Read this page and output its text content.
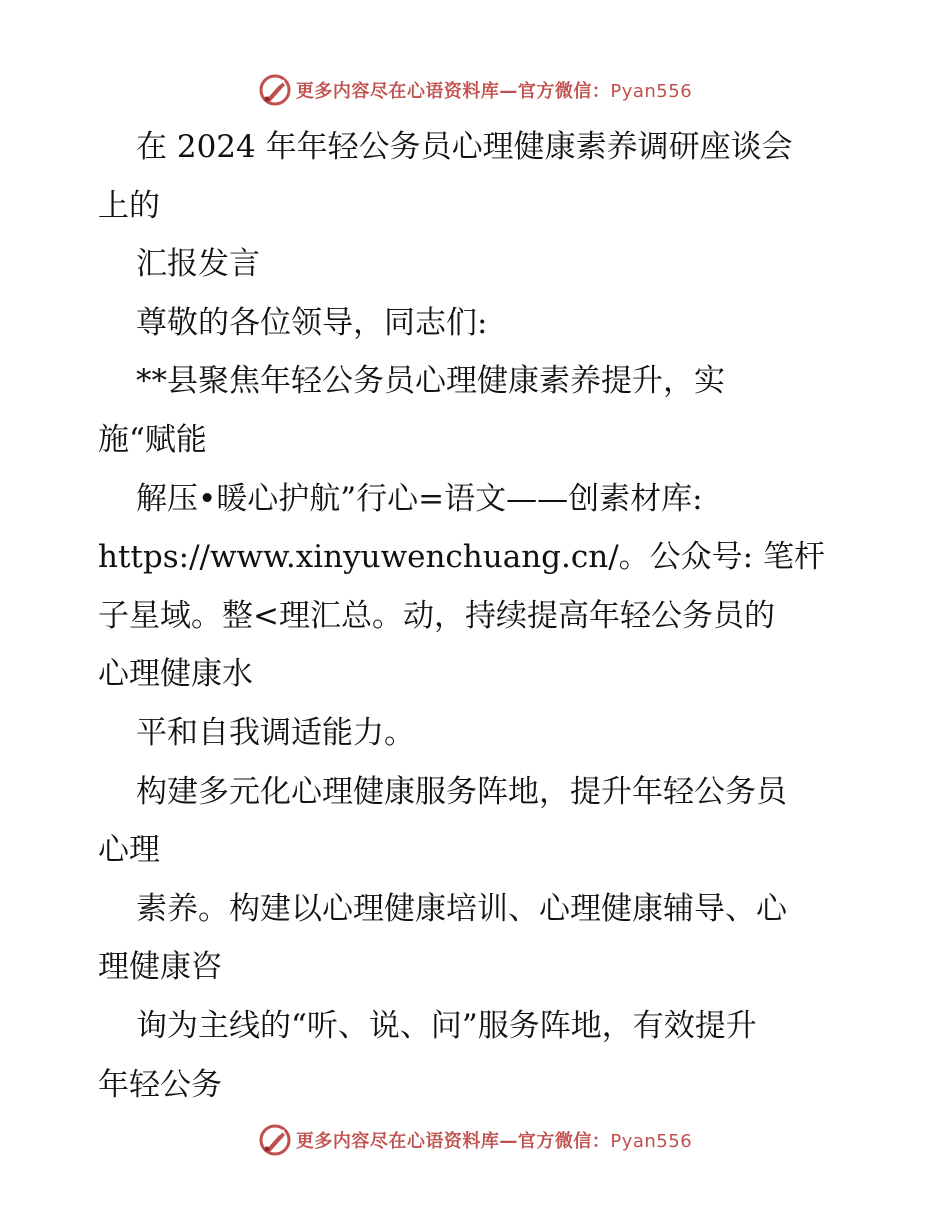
更多内容尽在心语资料库—官方微信：Pyan556
在 2024 年年轻公务员心理健康素养调研座谈会
上的
汇报发言
尊敬的各位领导，同志们:
**县聚焦年轻公务员心理健康素养提升，实
施“赋能
解压•暖心护航”行心=语文——创素材库:
https://www.xinyuwenchuang.cn/。公众号: 笔杆
子星域。整<理汇总。动，持续提高年轻公务员的
心理健康水
平和自我调适能力。
构建多元化心理健康服务阵地，提升年轻公务员
心理
素养。构建以心理健康培训、心理健康辅导、心
理健康咨
询为主线的“听、说、问”服务阵地，有效提升
年轻公务
更多内容尽在心语资料库—官方微信：Pyan556
